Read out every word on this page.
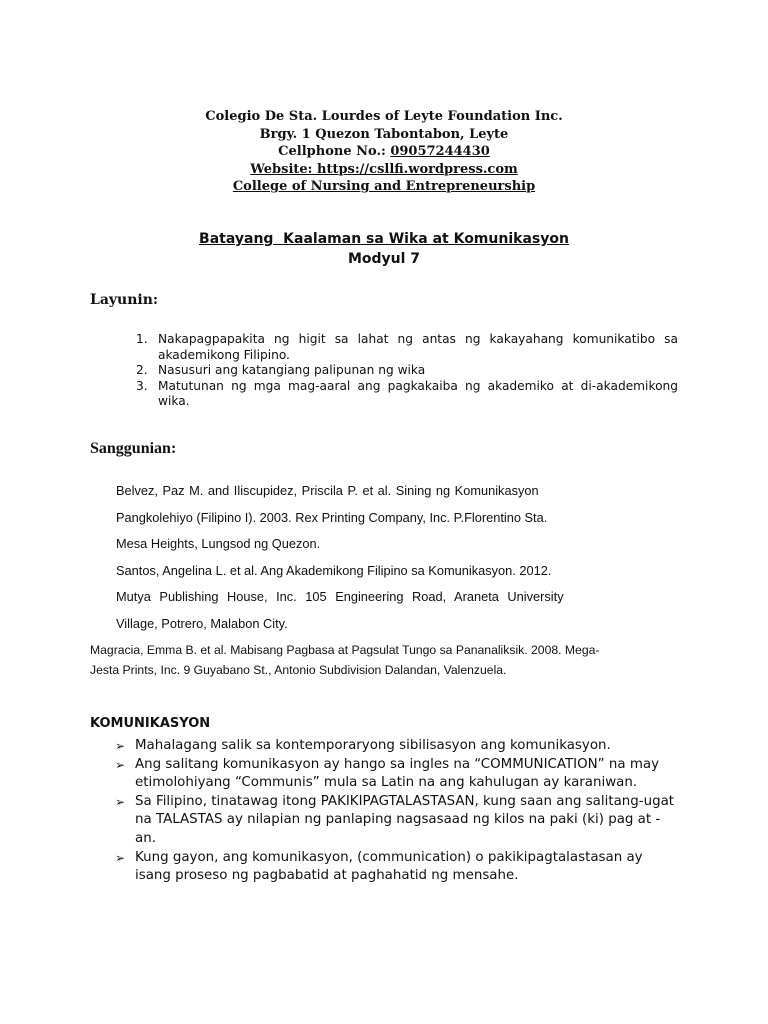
Colegio De Sta. Lourdes of Leyte Foundation Inc.
Brgy. 1 Quezon Tabontabon, Leyte
Cellphone No.: 09057244430
Website: https://csllfi.wordpress.com
College of Nursing and Entrepreneurship
Batayang  Kaalaman sa Wika at Komunikasyon
Modyul 7
Layunin:
1. Nakapagpapakita ng higit sa lahat ng antas ng kakayahang komunikatibo sa akademikong Filipino.
2. Nasusuri ang katangiang palipunan ng wika
3. Matutunan ng mga mag-aaral ang pagkakaiba ng akademiko at di-akademikong wika.
Sanggunian:
Belvez, Paz M. and Iliscupidez, Priscila P. et al. Sining ng Komunikasyon
Pangkolehiyo (Filipino I). 2003. Rex Printing Company, Inc. P.Florentino Sta.
Mesa Heights, Lungsod ng Quezon.
Santos, Angelina L. et al. Ang Akademikong Filipino sa Komunikasyon. 2012.
Mutya Publishing House, Inc. 105 Engineering Road, Araneta University
Village, Potrero, Malabon City.
Magracia, Emma B. et al. Mabisang Pagbasa at Pagsulat Tungo sa Pananaliksik. 2008. Mega-
Jesta Prints, Inc. 9 Guyabano St., Antonio Subdivision Dalandan, Valenzuela.
KOMUNIKASYON
➢ Mahalagang salik sa kontemporaryong sibilisasyon ang komunikasyon.
➢ Ang salitang komunikasyon ay hango sa ingles na “COMMUNICATION” na may etimolohiyang “Communis” mula sa Latin na ang kahulugan ay karaniwan.
➢ Sa Filipino, tinatawag itong PAKIKIPAGTALASTASAN, kung saan ang salitang-ugat na TALASTAS ay nilapian ng panlaping nagsasaad ng kilos na paki (ki) pag at -an.
➢ Kung gayon, ang komunikasyon, (communication) o pakikipagtalastasan ay isang proseso ng pagbabatid at paghahatid ng mensahe.
